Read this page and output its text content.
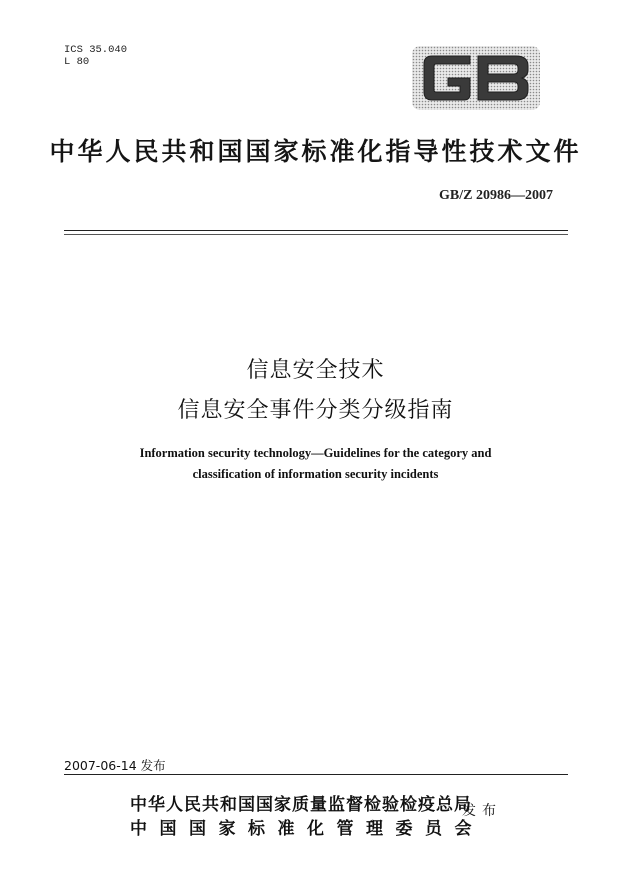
ICS 35.040
L 80
中华人民共和国国家标准化指导性技术文件
GB/Z 20986—2007
信息安全技术
信息安全事件分类分级指南
Information security technology—Guidelines for the category and
classification of information security incidents
2007-06-14 发布
中华人民共和国国家质量监督检验检疫总局
中国国家标准化管理委员会
发布
